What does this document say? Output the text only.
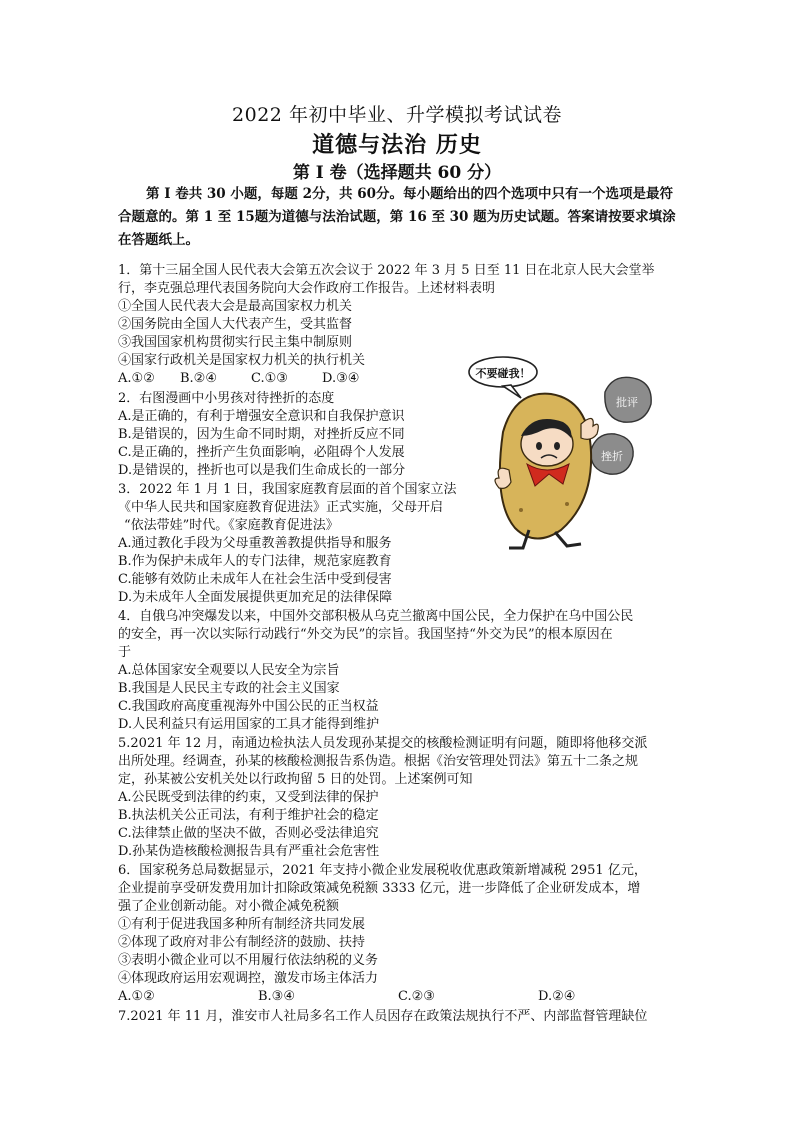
2022 年初中毕业、升学模拟考试试卷
道德与法治 历史
第 I 卷（选择题共 60 分）
第 I 卷共 30 小题，每题 2分，共 60分。每小题给出的四个选项中只有一个选项是最符合题意的。第 1 至 15题为道德与法治试题，第 16 至 30 题为历史试题。答案请按要求填涂在答题纸上。
1．第十三届全国人民代表大会第五次会议于 2022 年 3 月 5 日至 11 日在北京人民大会堂举
行，李克强总理代表国务院向大会作政府工作报告。上述材料表明
①全国人民代表大会是最高国家权力机关
②国务院由全国人大代表产生，受其监督
③我国国家机构贯彻实行民主集中制原则
④国家行政机关是国家权力机关的执行机关
A.①②	B.②④	C.①③	D.③④
2．右图漫画中小男孩对待挫折的态度
A.是正确的，有利于增强安全意识和自我保护意识
B.是错误的，因为生命不同时期，对挫折反应不同
C.是正确的，挫折产生负面影响，必阻碍个人发展
D.是错误的，挫折也可以是我们生命成长的一部分
3．2022 年 1 月 1 日，我国家庭教育层面的首个国家立法
《中华人民共和国家庭教育促进法》正式实施，父母开启
“依法带娃”时代。《家庭教育促进法》
A.通过教化手段为父母重教善教提供指导和服务
B.作为保护未成年人的专门法律，规范家庭教育
C.能够有效防止未成年人在社会生活中受到侵害
D.为未成年人全面发展提供更加充足的法律保障
4．自俄乌冲突爆发以来，中国外交部积极从乌克兰撤离中国公民，全力保护在乌中国公民
的安全，再一次以实际行动践行“外交为民”的宗旨。我国坚持“外交为民”的根本原因在
于
A.总体国家安全观要以人民安全为宗旨
B.我国是人民民主专政的社会主义国家
C.我国政府高度重视海外中国公民的正当权益
D.人民利益只有运用国家的工具才能得到维护
5.2021 年 12 月，南通边检执法人员发现孙某提交的核酸检测证明有问题，随即将他移交派
出所处理。经调查，孙某的核酸检测报告系伪造。根据《治安管理处罚法》第五十二条之规
定，孙某被公安机关处以行政拘留 5 日的处罚。上述案例可知
A.公民既受到法律的约束，又受到法律的保护
B.执法机关公正司法，有利于维护社会的稳定
C.法律禁止做的坚决不做，否则必受法律追究
D.孙某伪造核酸检测报告具有严重社会危害性
6．国家税务总局数据显示，2021 年支持小微企业发展税收优惠政策新增减税 2951 亿元，
企业提前享受研发费用加计扣除政策减免税额 3333 亿元，进一步降低了企业研发成本，增
强了企业创新动能。对小微企减免税额
①有利于促进我国多种所有制经济共同发展
②体现了政府对非公有制经济的鼓励、扶持
③表明小微企业可以不用履行依法纳税的义务
④体现政府运用宏观调控，激发市场主体活力
A.①②	B.③④	C.②③	D.②④
7.2021 年 11 月，淮安市人社局多名工作人员因存在政策法规执行不严、内部监督管理缺位
不要碰我！
批评
挫折
